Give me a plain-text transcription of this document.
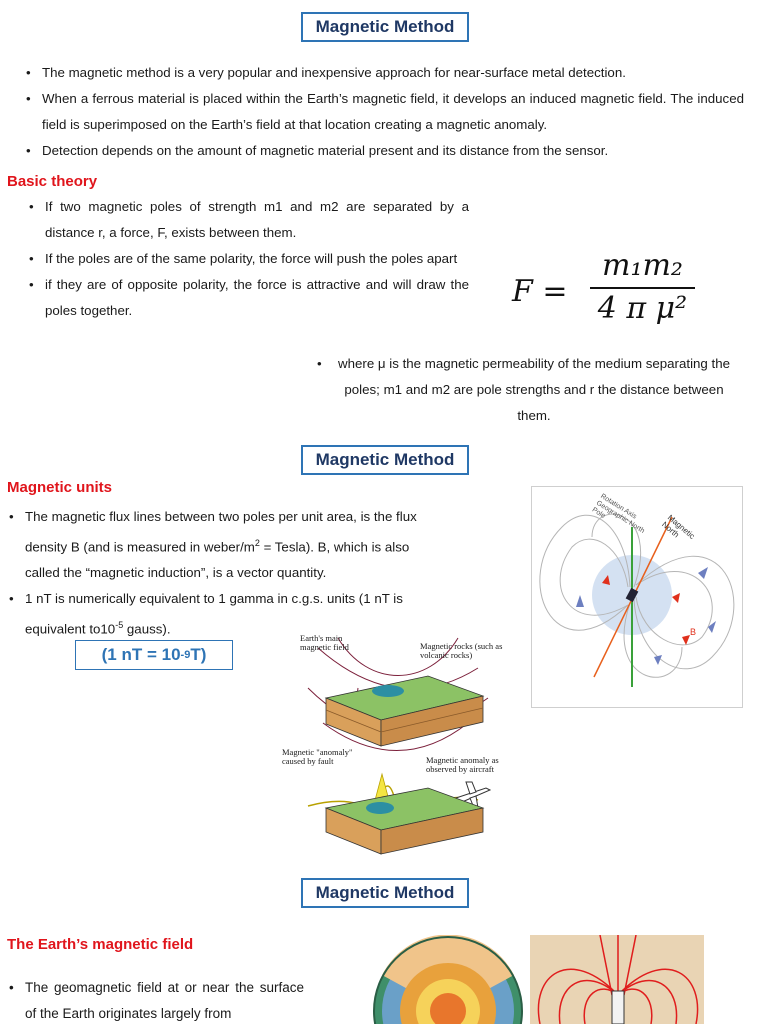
Magnetic Method
• The magnetic method is a very popular and inexpensive approach for near-surface metal detection.
• When a ferrous material is placed within the Earth’s magnetic field, it develops an induced magnetic field. The induced field is superimposed on the Earth’s field at that location creating a magnetic anomaly.
• Detection depends on the amount of magnetic material present and its distance from the sensor.
Basic theory
• If two magnetic poles of strength m1 and m2 are separated by a distance r, a force, F, exists between them.
• If the poles are of the same polarity, the force will push the poles apart
• if they are of opposite polarity, the force is attractive and will draw the poles together.
F =
m₁m₂
4 π μ²
• where μ is the magnetic permeability of the medium separating the poles; m1 and m2 are pole strengths and r the distance between them.
Magnetic Method
Magnetic units
• The magnetic flux lines between two poles per unit area, is the flux density B (and is measured in weber/$m^2$ = Tesla). B, which is also called the “magnetic induction”, is a vector quantity.
• 1 nT is numerically equivalent to 1 gamma in c.g.s. units (1 nT is equivalent $to10^{-5}$ gauss).
(1 nT = 10 -9 T)
Earth's main magnetic field	Magnetic rocks (such as volcanic rocks)
Magnetic "anomaly" caused by fault	Magnetic anomaly as observed by aircraft
Rotation Axis Geographic North Pole	Magnetic North
B
Magnetic Method
The Earth’s magnetic field
• The geomagnetic field at or near the surface of the Earth originates largely from
